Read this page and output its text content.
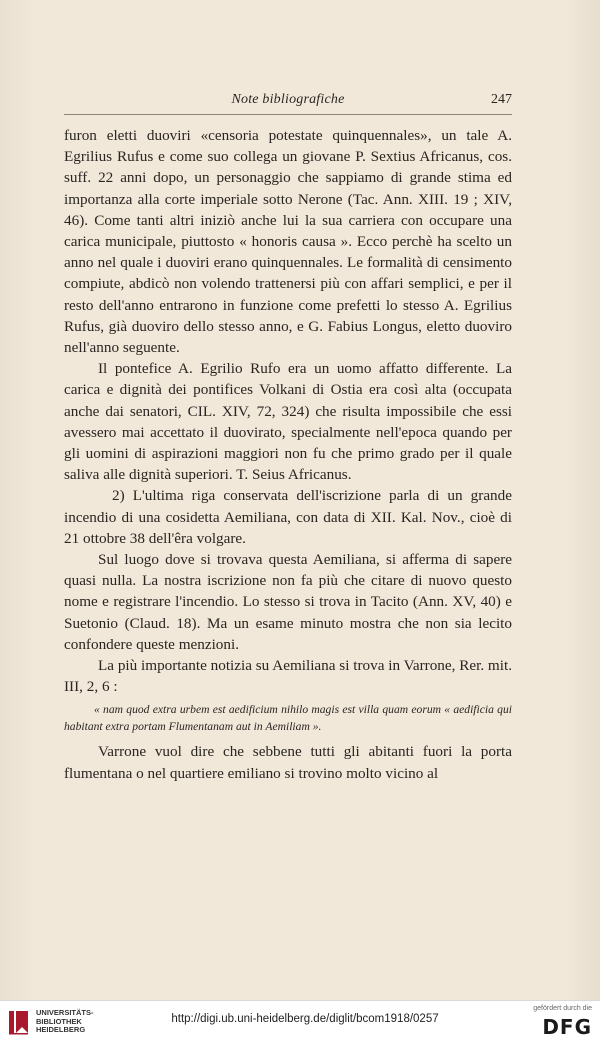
Note bibliografiche	247

furon eletti duoviri «censoria potestate quinquennales», un tale A. Egrilius Rufus e come suo collega un giovane P. Sextius Africanus, cos. suff. 22 anni dopo, un personaggio che sappiamo di grande stima ed importanza alla corte imperiale sotto Nerone (Tac. Ann. XIII. 19 ; XIV, 46). Come tanti altri iniziò anche lui la sua carriera con occupare una carica municipale, piuttosto « honoris causa ». Ecco perchè ha scelto un anno nel quale i duoviri erano quinquennales. Le formalità di censimento compiute, abdicò non volendo trattenersi più con affari semplici, e per il resto dell'anno entrarono in funzione come prefetti lo stesso A. Egrilius Rufus, già duoviro dello stesso anno, e G. Fabius Longus, eletto duoviro nell'anno seguente.

Il pontefice A. Egrilio Rufo era un uomo affatto differente. La carica e dignità dei pontifices Volkani di Ostia era così alta (occupata anche dai senatori, CIL. XIV, 72, 324) che risulta impossibile che essi avessero mai accettato il duovirato, specialmente nell'epoca quando per gli uomini di aspirazioni maggiori non fu che primo grado per il quale saliva alle dignità superiori. T. Seius Africanus.

2) L'ultima riga conservata dell'iscrizione parla di un grande incendio di una cosidetta Aemiliana, con data di XII. Kal. Nov., cioè di 21 ottobre 38 dell'êra volgare.

Sul luogo dove si trovava questa Aemiliana, si afferma di sapere quasi nulla. La nostra iscrizione non fa più che citare di nuovo questo nome e registrare l'incendio. Lo stesso si trova in Tacito (Ann. XV, 40) e Suetonio (Claud. 18). Ma un esame minuto mostra che non sia lecito confondere queste menzioni.

La più importante notizia su Aemiliana si trova in Varrone, Rer. mit. III, 2, 6 :

« nam quod extra urbem est aedificium nihilo magis est villa quam eorum « aedificia qui habitant extra portam Flumentanam aut in Aemiliam ».

Varrone vuol dire che sebbene tutti gli abitanti fuori la porta flumentana o nel quartiere emiliano si trovino molto vicino al

UNIVERSITÄTS-
BIBLIOTHEK
HEIDELBERG
http://digi.ub.uni-heidelberg.de/diglit/bcom1918/0257
gefördert durch die
DFG
